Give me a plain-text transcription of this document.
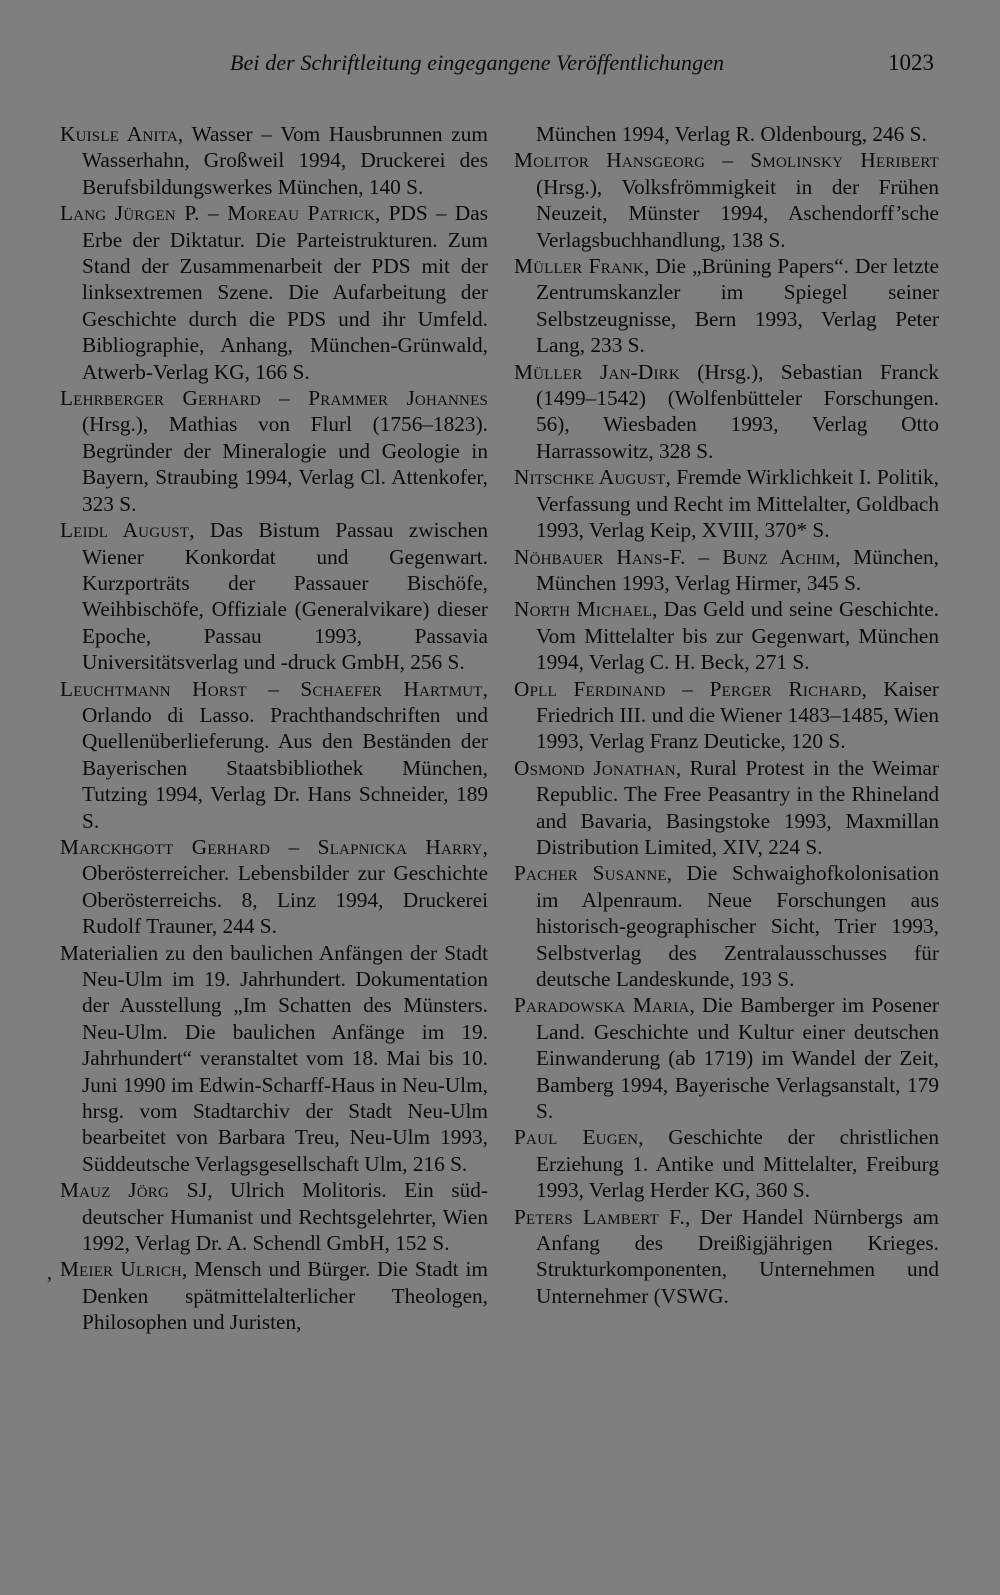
Bei der Schriftleitung eingegangene Veröffentlichungen	1023

Kuisle Anita, Wasser – Vom Hausbrunnen zum Wasserhahn, Großweil 1994, Druckerei des Berufsbildungswerkes München, 140 S.

Lang Jürgen P. – Moreau Patrick, PDS – Das Erbe der Diktatur. Die Parteistrukturen. Zum Stand der Zusammenarbeit der PDS mit der linksextremen Szene. Die Aufarbeitung der Geschichte durch die PDS und ihr Umfeld. Bibliographie, Anhang, München-Grünwald, Atwerb-Verlag KG, 166 S.

Lehrberger Gerhard – Prammer Johannes (Hrsg.), Mathias von Flurl (1756–1823). Begründer der Mineralogie und Geologie in Bayern, Straubing 1994, Verlag Cl. Attenkofer, 323 S.

Leidl August, Das Bistum Passau zwischen Wiener Konkordat und Gegenwart. Kurzporträts der Passauer Bischöfe, Weihbischöfe, Offiziale (Generalvikare) dieser Epoche, Passau 1993, Passavia Universitätsverlag und -druck GmbH, 256 S.

Leuchtmann Horst – Schaefer Hartmut, Orlando di Lasso. Prachthandschriften und Quellenüberlieferung. Aus den Beständen der Bayerischen Staatsbibliothek München, Tutzing 1994, Verlag Dr. Hans Schneider, 189 S.

Marckhgott Gerhard – Slapnicka Harry, Oberösterreicher. Lebensbilder zur Geschichte Oberösterreichs. 8, Linz 1994, Druckerei Rudolf Trauner, 244 S.

Materialien zu den baulichen Anfängen der Stadt Neu-Ulm im 19. Jahrhundert. Dokumentation der Ausstellung „Im Schatten des Münsters. Neu-Ulm. Die baulichen Anfänge im 19. Jahrhundert“ veranstaltet vom 18. Mai bis 10. Juni 1990 im Edwin-Scharff-Haus in Neu-Ulm, hrsg. vom Stadtarchiv der Stadt Neu-Ulm bearbeitet von Barbara Treu, Neu-Ulm 1993, Süddeutsche Verlagsgesellschaft Ulm, 216 S.

Mauz Jörg SJ, Ulrich Molitoris. Ein süddeutscher Humanist und Rechtsgelehrter, Wien 1992, Verlag Dr. A. Schendl GmbH, 152 S.

Meier Ulrich, Mensch und Bürger. Die Stadt im Denken spätmittelalterlicher Theologen, Philosophen und Juristen,

München 1994, Verlag R. Oldenbourg, 246 S.

Molitor Hansgeorg – Smolinsky Heribert (Hrsg.), Volksfrömmigkeit in der Frühen Neuzeit, Münster 1994, Aschendorff’sche Verlagsbuchhandlung, 138 S.

Müller Frank, Die „Brüning Papers“. Der letzte Zentrumskanzler im Spiegel seiner Selbstzeugnisse, Bern 1993, Verlag Peter Lang, 233 S.

Müller Jan-Dirk (Hrsg.), Sebastian Franck (1499–1542) (Wolfenbütteler Forschungen. 56), Wiesbaden 1993, Verlag Otto Harrassowitz, 328 S.

Nitschke August, Fremde Wirklichkeit I. Politik, Verfassung und Recht im Mittelalter, Goldbach 1993, Verlag Keip, XVIII, 370* S.

Nöhbauer Hans-F. – Bunz Achim, München, München 1993, Verlag Hirmer, 345 S.

North Michael, Das Geld und seine Geschichte. Vom Mittelalter bis zur Gegenwart, München 1994, Verlag C. H. Beck, 271 S.

Opll Ferdinand – Perger Richard, Kaiser Friedrich III. und die Wiener 1483–1485, Wien 1993, Verlag Franz Deuticke, 120 S.

Osmond Jonathan, Rural Protest in the Weimar Republic. The Free Peasantry in the Rhineland and Bavaria, Basingstoke 1993, Maxmillan Distribution Limited, XIV, 224 S.

Pacher Susanne, Die Schwaighofkolonisation im Alpenraum. Neue Forschungen aus historisch-geographischer Sicht, Trier 1993, Selbstverlag des Zentralausschusses für deutsche Landeskunde, 193 S.

Paradowska Maria, Die Bamberger im Posener Land. Geschichte und Kultur einer deutschen Einwanderung (ab 1719) im Wandel der Zeit, Bamberg 1994, Bayerische Verlagsanstalt, 179 S.

Paul Eugen, Geschichte der christlichen Erziehung 1. Antike und Mittelalter, Freiburg 1993, Verlag Herder KG, 360 S.

Peters Lambert F., Der Handel Nürnbergs am Anfang des Dreißigjährigen Krieges. Strukturkomponenten, Unternehmen und Unternehmer (VSWG.

‚
